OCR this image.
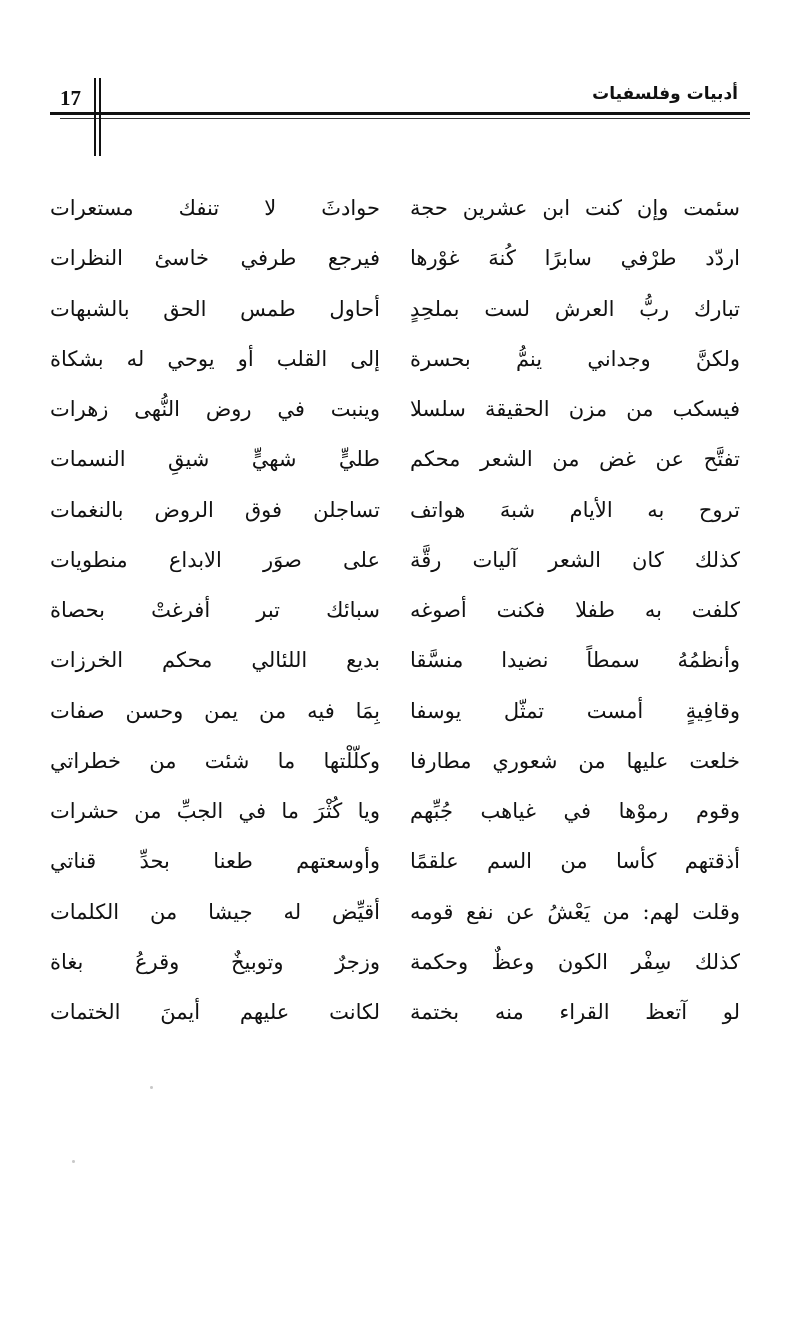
أدبيات وفلسفيات
17
سئمت وإن كنت ابن عشرين حجة
اردّد طرْفي سابرًا كُنهَ غوْرها
تبارك ربُّ العرش لست بملحِدٍ
ولكنَّ وجداني ينمُّ بحسرة
فيسكب من مزن الحقيقة سلسلا
تفتَّح عن غض من الشعر محكم
تروح به الأيام شبهَ هواتف
كذلك كان الشعر آليات رقَّة
كلفت به طفلا فكنت أصوغه
وأنظمُهُ سمطاً نضيدا منسَّقا
وقافِيةٍ أمست تمثّل يوسفا
خلعت عليها من شعوري مطارفا
وقوم رموْها في غياهب جُبِّهم
أذقتهم كأسا من السم علقمًا
وقلت لهم: من يَعْشُ عن نفع قومه
كذلك سِفْر الكون وعظٌ وحكمة
لو آتعظ القراء منه بختمة
حوادثَ لا تنفك مستعرات
فيرجع طرفي خاسئ النظرات
أحاول طمس الحق بالشبهات
إلى القلب أو يوحي له بشكاة
وينبت في روض النُّهى زهرات
طليٍّ شهيٍّ شيقِ النسمات
تساجلن فوق الروض بالنغمات
على صوَر الابداع منطويات
سبائك تبر أفرغتْ بحصاة
بديع اللئالي محكم الخرزات
بِمَا فيه من يمن وحسن صفات
وكلّلْتها ما شئت من خطراتي
ويا كُثْرَ ما في الجبِّ من حشرات
وأوسعتهم طعنا بحدِّ قناتي
أقيِّض له جيشا من الكلمات
وزجرٌ وتوبيخٌ وقرعُ بغاة
لكانت عليهم أيمنَ الختمات
